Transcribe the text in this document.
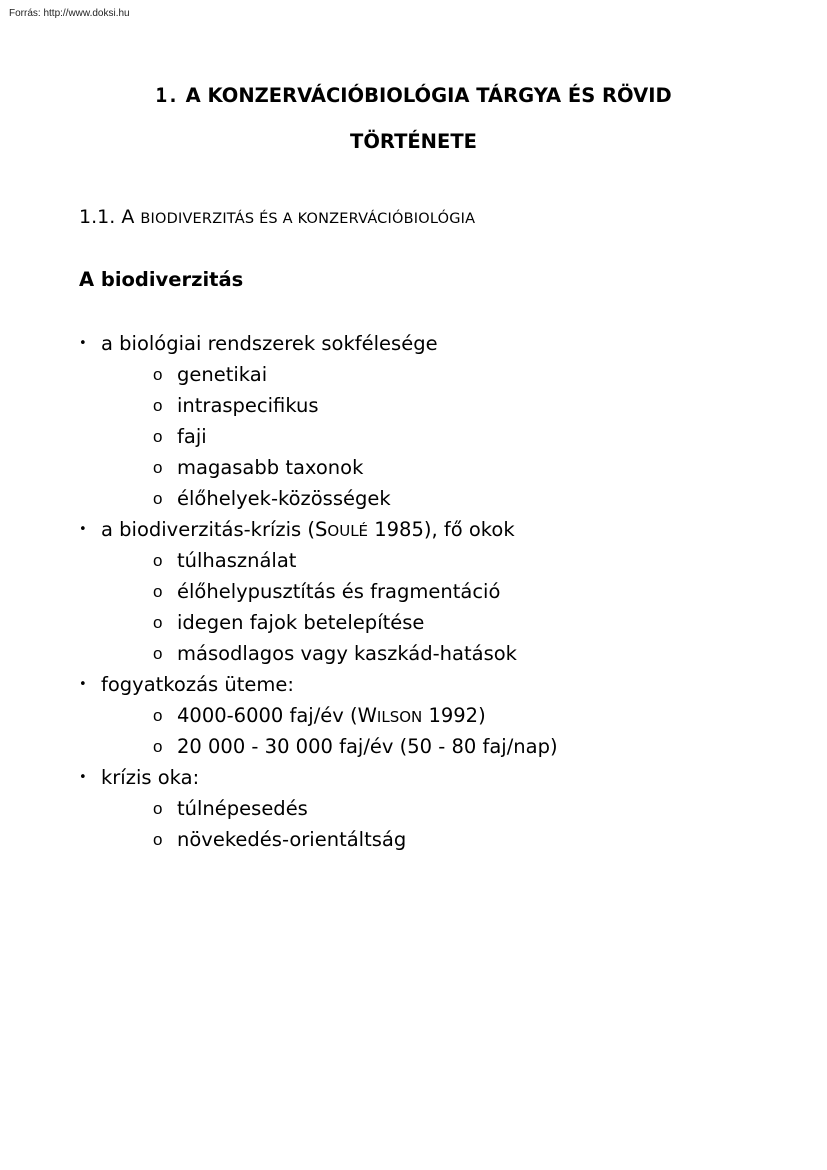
Forrás: http://www.doksi.hu
1. A KONZERVÁCIÓBIOLÓGIA TÁRGYA ÉS RÖVID
TÖRTÉNETE
1.1. A BIODIVERZITÁS ÉS A KONZERVÁCIÓBIOLÓGIA
A biodiverzitás
• a biológiai rendszerek sokfélesége
o genetikai
o intraspecifikus
o faji
o magasabb taxonok
o élőhelyek-közösségek
• a biodiverzitás-krízis (SOULÉ 1985), fő okok
o túlhasználat
o élőhelypusztítás és fragmentáció
o idegen fajok betelepítése
o másodlagos vagy kaszkád-hatások
• fogyatkozás üteme:
o 4000-6000 faj/év (WILSON 1992)
o 20 000 - 30 000 faj/év (50 - 80 faj/nap)
• krízis oka:
o túlnépesedés
o növekedés-orientáltság
